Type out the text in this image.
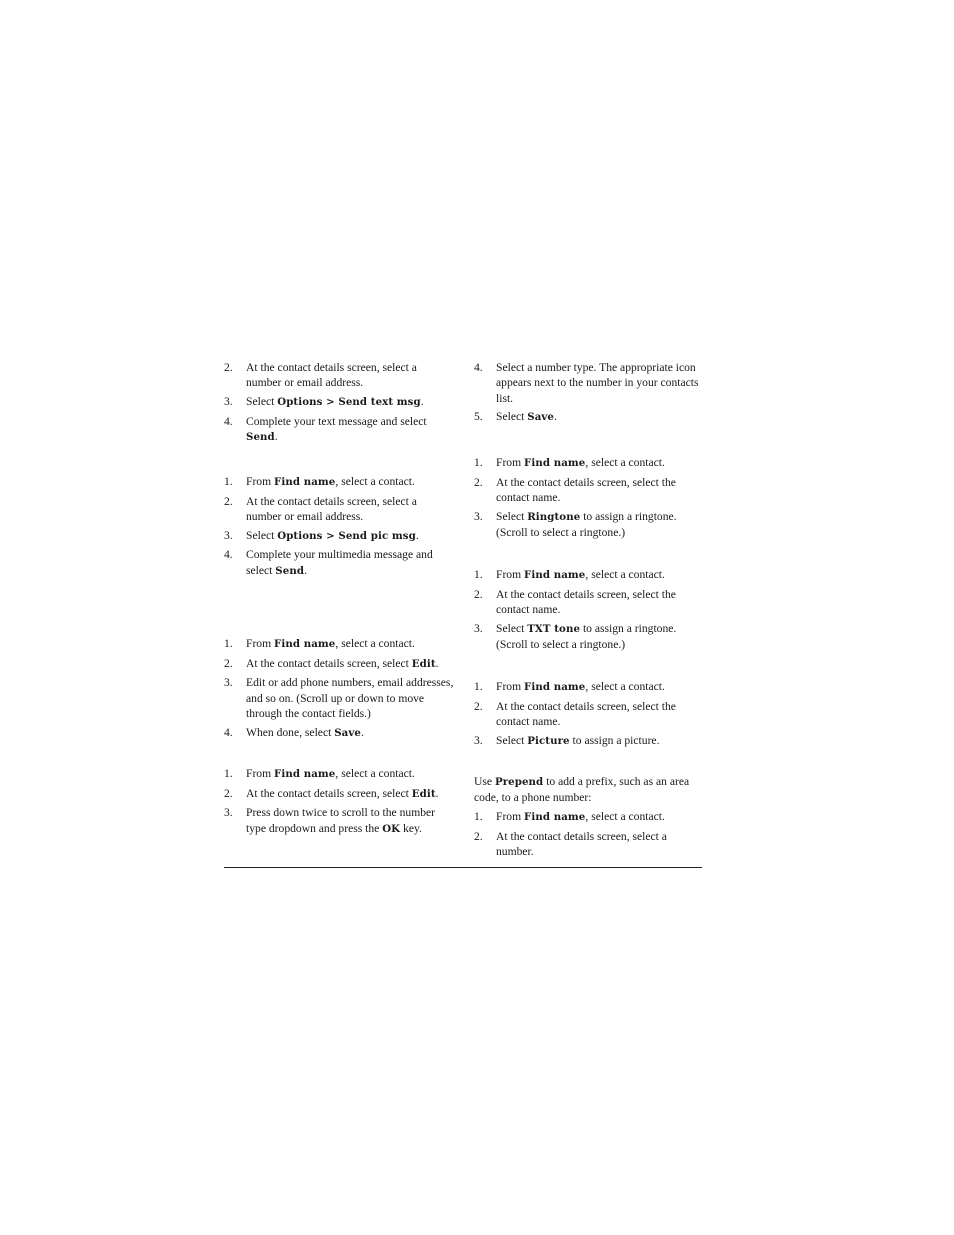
2. At the contact details screen, select a number or email address.
3. Select Options > Send text msg.
4. Complete your text message and select Send.
1. From Find name, select a contact.
2. At the contact details screen, select a number or email address.
3. Select Options > Send pic msg.
4. Complete your multimedia message and select Send.
1. From Find name, select a contact.
2. At the contact details screen, select Edit.
3. Edit or add phone numbers, email addresses, and so on. (Scroll up or down to move through the contact fields.)
4. When done, select Save.
1. From Find name, select a contact.
2. At the contact details screen, select Edit.
3. Press down twice to scroll to the number type dropdown and press the OK key.
4. Select a number type. The appropriate icon appears next to the number in your contacts list.
5. Select Save.
1. From Find name, select a contact.
2. At the contact details screen, select the contact name.
3. Select Ringtone to assign a ringtone. (Scroll to select a ringtone.)
1. From Find name, select a contact.
2. At the contact details screen, select the contact name.
3. Select TXT tone to assign a ringtone. (Scroll to select a ringtone.)
1. From Find name, select a contact.
2. At the contact details screen, select the contact name.
3. Select Picture to assign a picture.
Use Prepend to add a prefix, such as an area code, to a phone number:
1. From Find name, select a contact.
2. At the contact details screen, select a number.
